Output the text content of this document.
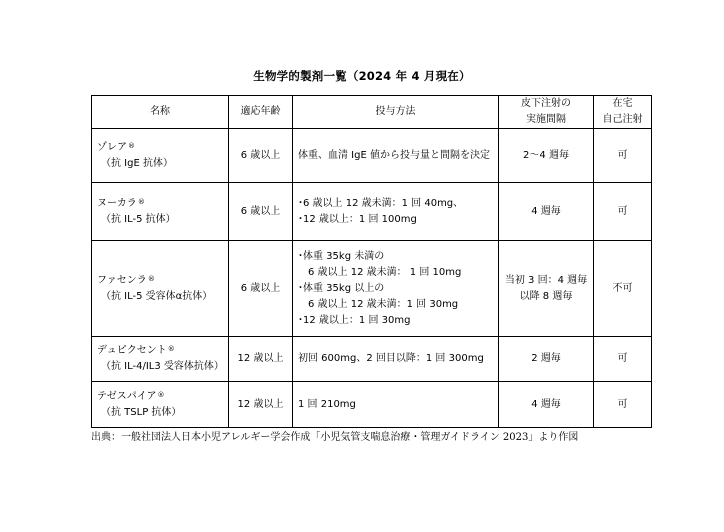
生物学的製剤一覧（2024 年 4 月現在）
名称	適応年齢	投与方法	皮下注射の
実施間隔	在宅
自己注射

ゾレア®
（抗 IgE 抗体）	6 歳以上	体重、血清 IgE 値から投与量と間隔を決定	2～4 週毎	可

ヌーカラ®
（抗 IL-5 抗体）	6 歳以上	･6 歳以上 12 歳未満：1 回 40mg、
･12 歳以上：1 回 100mg	4 週毎	可

ファセンラ®
（抗 IL-5 受容体α抗体）	6 歳以上	･体重 35kg 未満の
6 歳以上 12 歳未満： 1 回 10mg
･体重 35kg 以上の
6 歳以上 12 歳未満：1 回 30mg
･12 歳以上：1 回 30mg	当初 3 回：4 週毎
以降 8 週毎	不可

デュピクセント®
（抗 IL-4/IL3 受容体抗体）	12 歳以上	初回 600mg、2 回目以降：1 回 300mg	2 週毎	可

テゼスパイア®
（抗 TSLP 抗体）	12 歳以上	1 回 210mg	4 週毎	可
出典：一般社団法人日本小児アレルギー学会作成「小児気管支喘息治療・管理ガイドライン 2023」より作図
